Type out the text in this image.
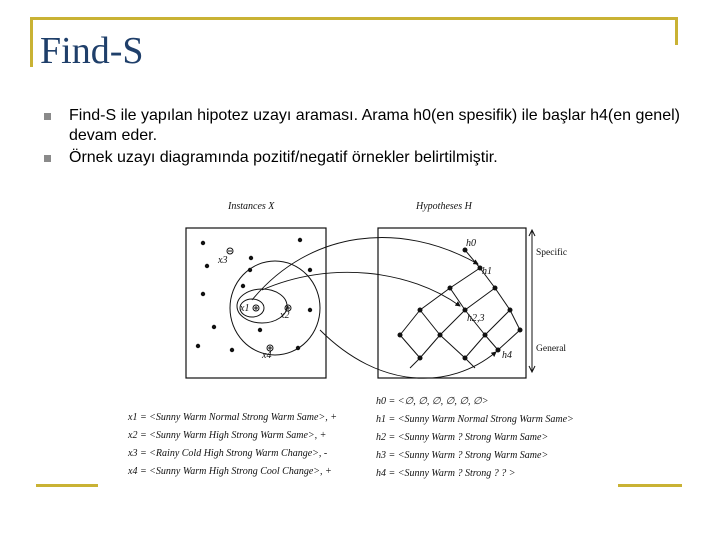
Find-S
Find-S ile yapılan hipotez uzayı araması. Arama h0(en spesifik) ile başlar h4(en genel) devam eder.
Örnek uzayı diagramında pozitif/negatif örnekler belirtilmiştir.
Instances X	Hypotheses H
x3
x1
x2
x4
h0
h1
h2,3
h4
Specific
General
x1 = <Sunny Warm Normal Strong Warm Same>, +
x2 = <Sunny Warm High Strong Warm Same>, +
x3 = <Rainy Cold High Strong Warm Change>, -
x4 = <Sunny Warm High Strong Cool Change>, +
h0 = <∅, ∅, ∅, ∅, ∅, ∅>
h1 = <Sunny Warm Normal Strong Warm Same>
h2 = <Sunny Warm ? Strong Warm Same>
h3 = <Sunny Warm ? Strong Warm Same>
h4 = <Sunny Warm ? Strong ? ? >
